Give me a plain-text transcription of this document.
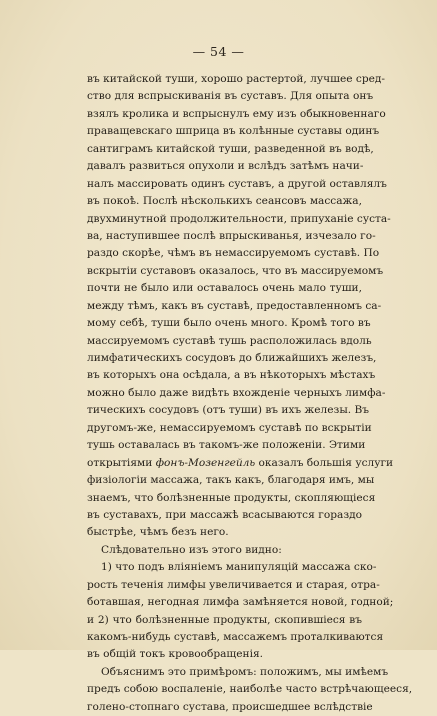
— 54 —
въ китайской туши, хорошо растертой, лучшее сред-
ство для вспрыскиванія въ суставъ. Для опыта онъ
взялъ кролика и вспрыснулъ ему изъ обыкновеннаго
праващевскаго шприца въ колѣнные суставы одинъ
сантиграмъ китайской туши, разведенной въ водѣ,
давалъ развиться опухоли и вслѣдъ затѣмъ начи-
налъ массировать одинъ суставъ, а другой оставлялъ
въ покоѣ. Послѣ нѣсколькихъ сеансовъ массажа,
двухминутной продолжительности, припуханіе суста-
ва, наступившее послѣ впрыскиванья, изчезало го-
раздо скорѣе, чѣмъ въ немассируемомъ суставѣ. По
вскрытіи суставовъ оказалось, что въ массируемомъ
почти не было или оставалось очень мало туши,
между тѣмъ, какъ въ суставѣ, предоставленномъ са-
мому себѣ, туши было очень много. Кромѣ того въ
массируемомъ суставѣ тушь расположилась вдоль
лимфатическихъ сосудовъ до ближайшихъ железъ,
въ которыхъ она осѣдала, а въ нѣкоторыхъ мѣстахъ
можно было даже видѣть вхожденіе черныхъ лимфа-
тическихъ сосудовъ (отъ туши) въ ихъ железы. Въ
другомъ-же, немассируемомъ суставѣ по вскрытіи
тушь оставалась въ такомъ-же положеніи. Этими
открытіями фонъ-Мозенгейль оказалъ большія услуги
физіологіи массажа, такъ какъ, благодаря имъ, мы
знаемъ, что болѣзненные продукты, скопляющіеся
въ суставахъ, при массажѣ всасываются гораздо
быстрѣе, чѣмъ безъ него.
Слѣдовательно изъ этого видно:
1) что подъ вліяніемъ манипуляцій массажа ско-
рость теченія лимфы увеличивается и старая, отра-
ботавшая, негодная лимфа замѣняется новой, годной;
и 2) что болѣзненные продукты, скопившіеся въ
какомъ-нибудь суставѣ, массажемъ проталкиваются
въ общій токъ кровообращенія.
Объяснимъ это примѣромъ: положимъ, мы имѣемъ
предъ собою воспаленіе, наиболѣе часто встрѣчающееся,
голено-стопнаго сустава, происшедшее вслѣдствіе
